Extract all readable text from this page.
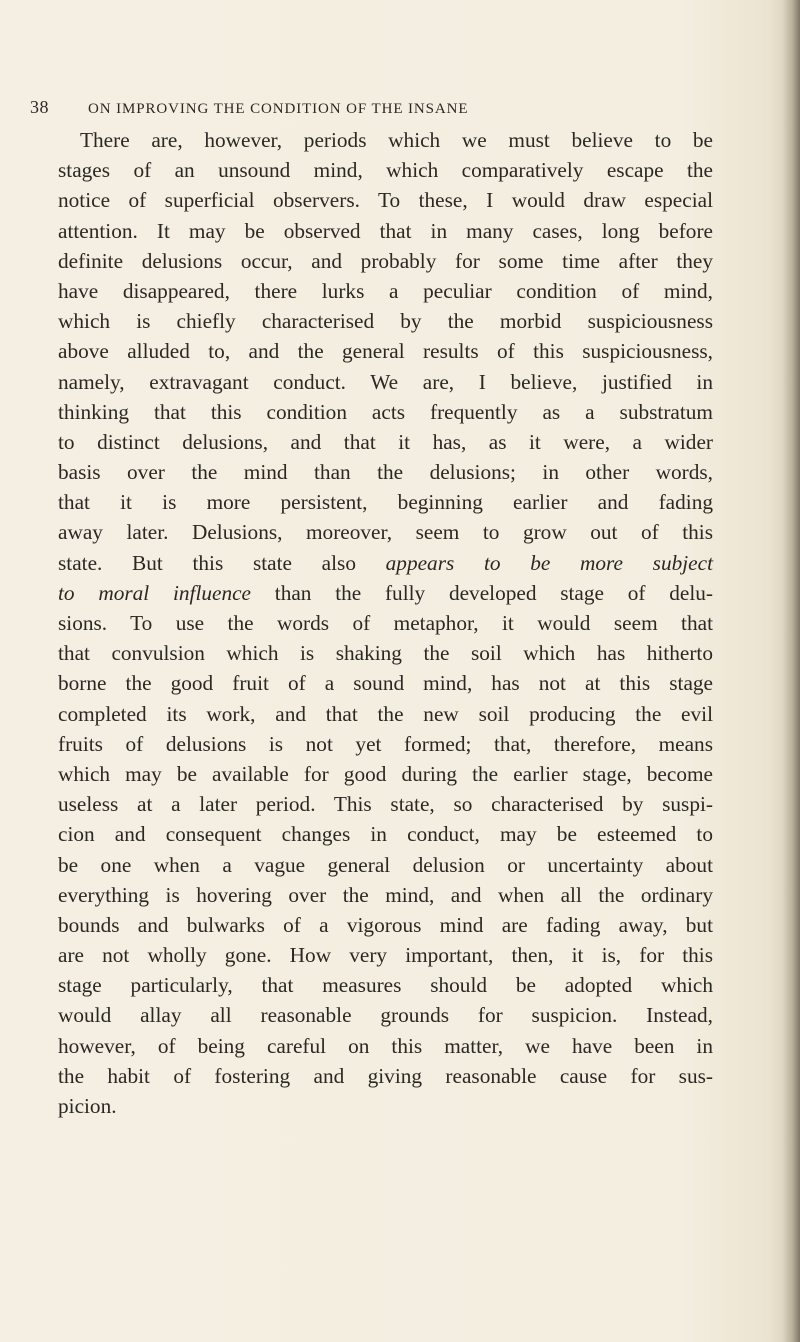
38	ON IMPROVING THE CONDITION OF THE INSANE
There are, however, periods which we must believe to be
stages of an unsound mind, which comparatively escape the
notice of superficial observers. To these, I would draw especial
attention. It may be observed that in many cases, long before
definite delusions occur, and probably for some time after they
have disappeared, there lurks a peculiar condition of mind,
which is chiefly characterised by the morbid suspiciousness
above alluded to, and the general results of this suspiciousness,
namely, extravagant conduct. We are, I believe, justified in
thinking that this condition acts frequently as a substratum
to distinct delusions, and that it has, as it were, a wider
basis over the mind than the delusions; in other words,
that it is more persistent, beginning earlier and fading
away later. Delusions, moreover, seem to grow out of this
state. But this state also appears to be more subject
to moral influence than the fully developed stage of delu-
sions. To use the words of metaphor, it would seem that
that convulsion which is shaking the soil which has hitherto
borne the good fruit of a sound mind, has not at this stage
completed its work, and that the new soil producing the evil
fruits of delusions is not yet formed; that, therefore, means
which may be available for good during the earlier stage, become
useless at a later period. This state, so characterised by suspi-
cion and consequent changes in conduct, may be esteemed to
be one when a vague general delusion or uncertainty about
everything is hovering over the mind, and when all the ordinary
bounds and bulwarks of a vigorous mind are fading away, but
are not wholly gone. How very important, then, it is, for this
stage particularly, that measures should be adopted which
would allay all reasonable grounds for suspicion. Instead,
however, of being careful on this matter, we have been in
the habit of fostering and giving reasonable cause for sus-
picion.
